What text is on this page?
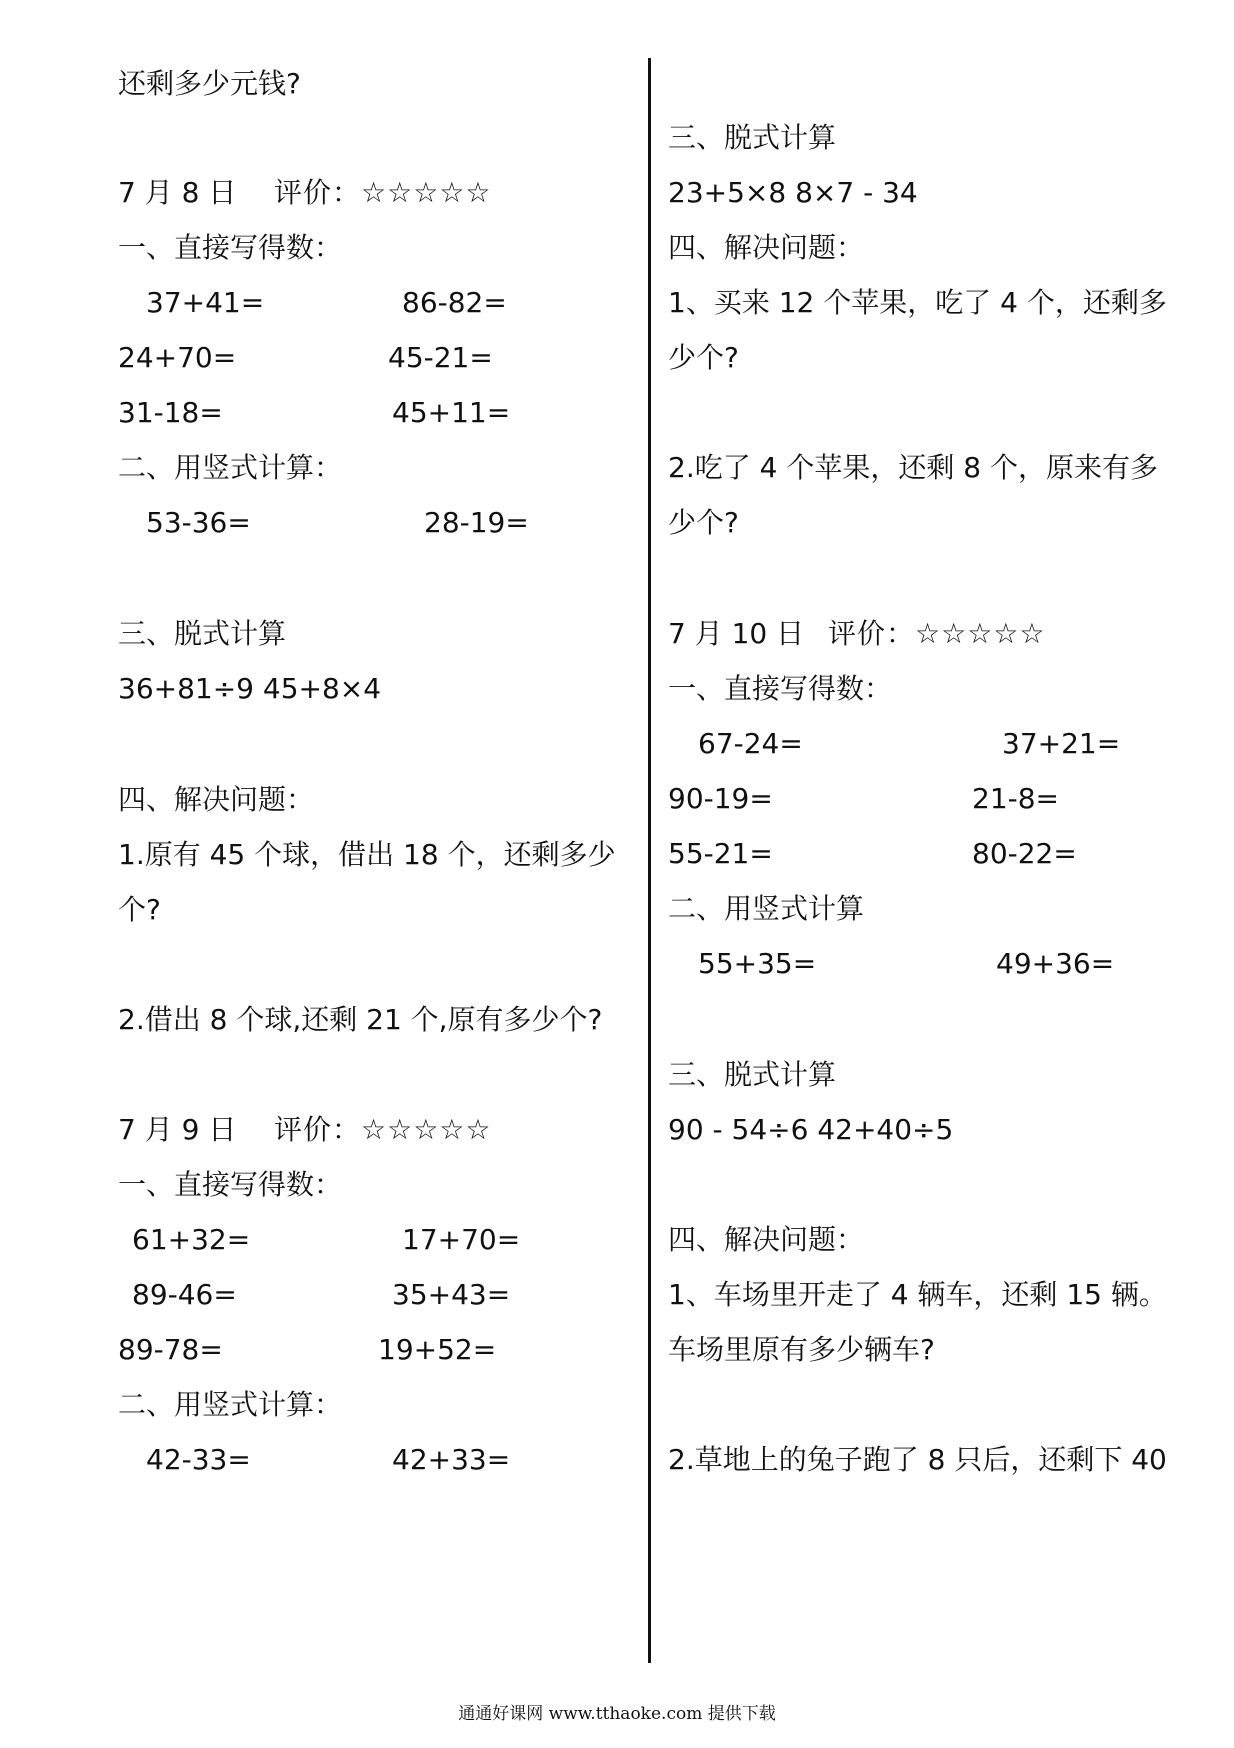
还剩多少元钱?
7 月 8 日 评价：☆☆☆☆☆
一、直接写得数：
37+41=	86-82=
24+70=	45-21=
31-18=	45+11=
二、用竖式计算：
53-36=	28-19=
三、脱式计算
36+81÷9 45+8×4
四、解决问题：
1.原有 45 个球，借出 18 个，还剩多少
个?
2.借出 8 个球,还剩 21 个,原有多少个?
7 月 9 日 评价：☆☆☆☆☆
一、直接写得数：
61+32=	17+70=
89-46=	35+43=
89-78=	19+52=
二、用竖式计算：
42-33=	42+33=
三、脱式计算
23+5×8 8×7 - 34
四、解决问题：
1、买来 12 个苹果，吃了 4 个，还剩多
少个?
2.吃了 4 个苹果，还剩 8 个，原来有多
少个?
7 月 10 日 评价：☆☆☆☆☆
一、直接写得数：
67-24=	37+21=
90-19=	21-8=
55-21=	80-22=
二、用竖式计算
55+35=	49+36=
三、脱式计算
90 - 54÷6 42+40÷5
四、解决问题：
1、车场里开走了 4 辆车，还剩 15 辆。
车场里原有多少辆车?
2.草地上的兔子跑了 8 只后，还剩下 40
通通好课网 www.tthaoke.com 提供下载
